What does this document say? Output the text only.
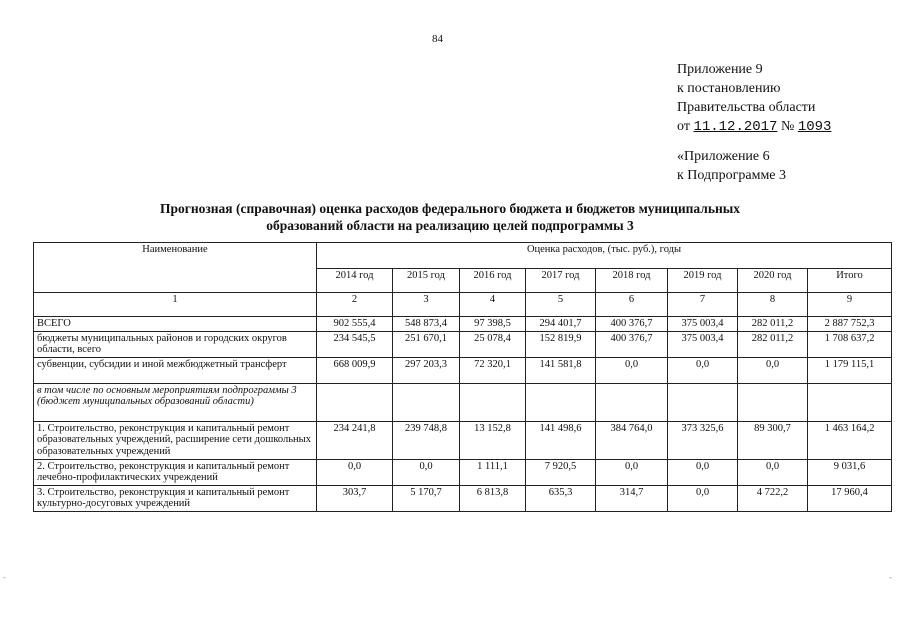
84
Приложение 9
к постановлению
Правительства области
от 11.12.2017 № 1093
«Приложение 6
к Подпрограмме 3
Прогнозная (справочная) оценка расходов федерального бюджета и бюджетов муниципальных
образований области на реализацию целей подпрограммы 3
Наименование	Оценка расходов, (тыс. руб.), годы							
	2014 год	2015 год	2016 год	2017 год	2018 год	2019 год	2020 год	Итого
1	2	3	4	5	6	7	8	9
ВСЕГО	902 555,4	548 873,4	97 398,5	294 401,7	400 376,7	375 003,4	282 011,2	2 887 752,3
бюджеты муниципальных районов и городских округов области, всего	234 545,5	251 670,1	25 078,4	152 819,9	400 376,7	375 003,4	282 011,2	1 708 637,2
субвенции, субсидии и иной межбюджетный трансферт	668 009,9	297 203,3	72 320,1	141 581,8	0,0	0,0	0,0	1 179 115,1
в том числе по основным мероприятиям подпрограммы 3 (бюджет муниципальных образований области)								
1. Строительство, реконструкция и капитальный ремонт образовательных учреждений, расширение сети дошкольных образовательных учреждений	234 241,8	239 748,8	13 152,8	141 498,6	384 764,0	373 325,6	89 300,7	1 463 164,2
2. Строительство, реконструкция и капитальный ремонт лечебно-профилактических учреждений	0,0	0,0	1 111,1	7 920,5	0,0	0,0	0,0	9 031,6
3. Строительство, реконструкция и капитальный ремонт культурно-досуговых учреждений	303,7	5 170,7	6 813,8	635,3	314,7	0,0	4 722,2	17 960,4
-	-
